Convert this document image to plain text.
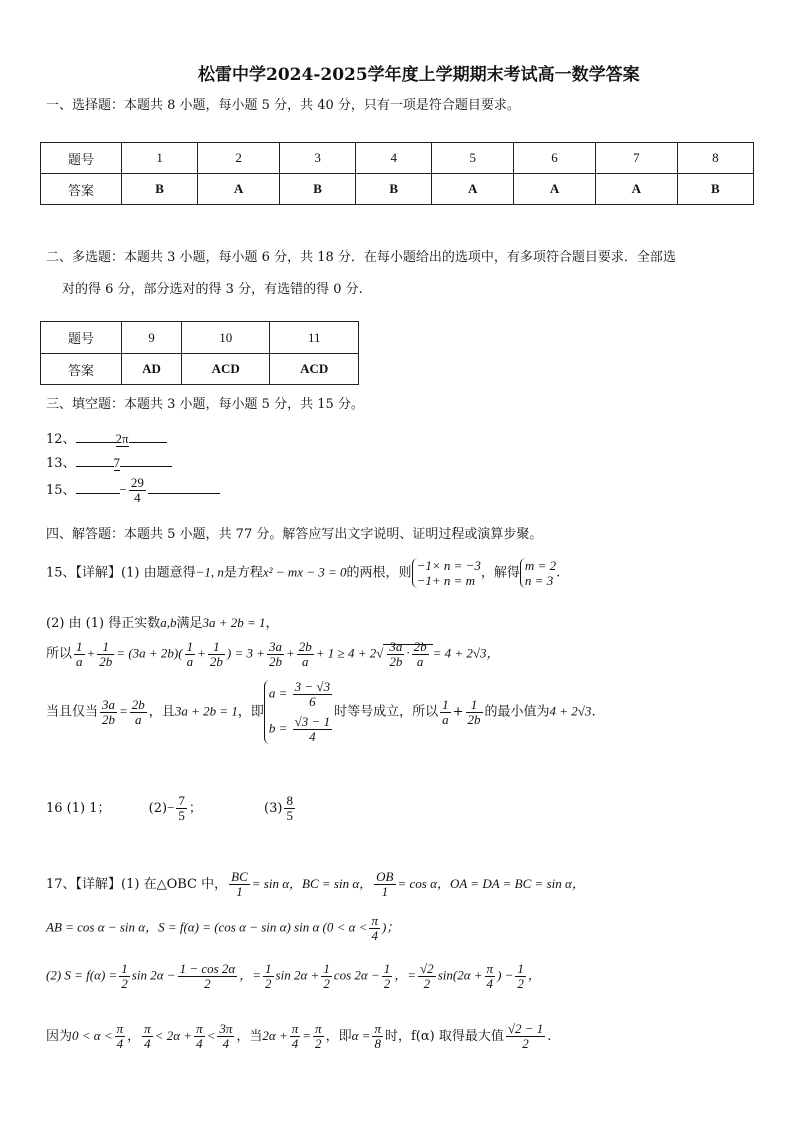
松雷中学2024-2025学年度上学期期末考试高一数学答案
一、选择题：本题共 8 小题，每小题 5 分，共 40 分，只有一项是符合题目要求。
题号	1	2	3	4	5	6	7	8
答案	B	A	B	B	A	A	A	B
二、多选题：本题共 3 小题，每小题 6 分，共 18 分．在每小题给出的选项中，有多项符合题目要求．全部选
对的得 6 分，部分选对的得 3 分，有选错的得 0 分.
题号	9	10	11
答案	AD	ACD	ACD
三、填空题：本题共 3 小题，每小题 5 分，共 15 分。
12、	2π
13、	7
15、	− $\frac{29}{4}$
四、解答题：本题共 5 小题，共 77 分。解答应写出文字说明、证明过程或演算步聚。
15、【详解】(1) 由题意得−1, n是方程x² − mx − 3 = 0的两根，则 −1× n = −3
−1+ n = m ，解得 m = 2
n = 3 .
(2) 由 (1) 得正实数a,b满足3a + 2b = 1，
所以 $\frac{1}{a} + \frac{1}{2b} = (3a + 2b)( \frac{1}{a} + \frac{1}{2b}$ ) = $3 + \frac{3a}{2b} + \frac{2b}{a} + 1 \ge 4 + 2√ \frac{3a}{2b} \cdot \frac{2b}{a} = 4 + 2√3$，
当且仅当 $\frac{3a}{2b} = \frac{2b}{a}$ ，且3a + 2b = 1，即
$a = \frac{3 - √3}{6}$
$b = \frac{√3 - 1}{4}$
时等号成立，所以 $\frac{1}{a} + \frac{1}{2b}$ 的最小值为4 + 2√3.
16 (1) 1；	$(2)- \frac{7}{5}$ ；	$(3) \frac{8}{5}$
17、【详解】(1) 在△OBC 中， $\frac{BC}{1} = \sin \alpha$，BC = sin α， $\frac{OB}{1} = \cos \alpha$，OA = DA = BC = sin α，
AB = cos α − sin α，S = f(α) = (cos α − sin α) sin α ($0 < \alpha < \frac{\pi}{4}$ )；
(2) $S = f(\alpha) = \frac{1}{2}$ $\sin 2\alpha - \frac{1 - \cos 2\alpha}{2}$ ，= $\frac{1}{2}$ $\sin 2\alpha + \frac{1}{2}$ $\cos 2\alpha - \frac{1}{2}$ ，= $\frac{√2}{2} \sin(2\alpha + \frac{\pi}{4}$ ) − $\frac{1}{2}$ ，
因为$0 < \alpha < \frac{\pi}{4}$ ， $\frac{\pi}{4} < 2\alpha + \frac{\pi}{4} < \frac{3\pi}{4}$ ，当$2\alpha + \frac{\pi}{4} = \frac{\pi}{2}$ ，即$\alpha = \frac{\pi}{8}$ 时，f(α) 取得最大值 $\frac{√2 - 1}{2}$ .
